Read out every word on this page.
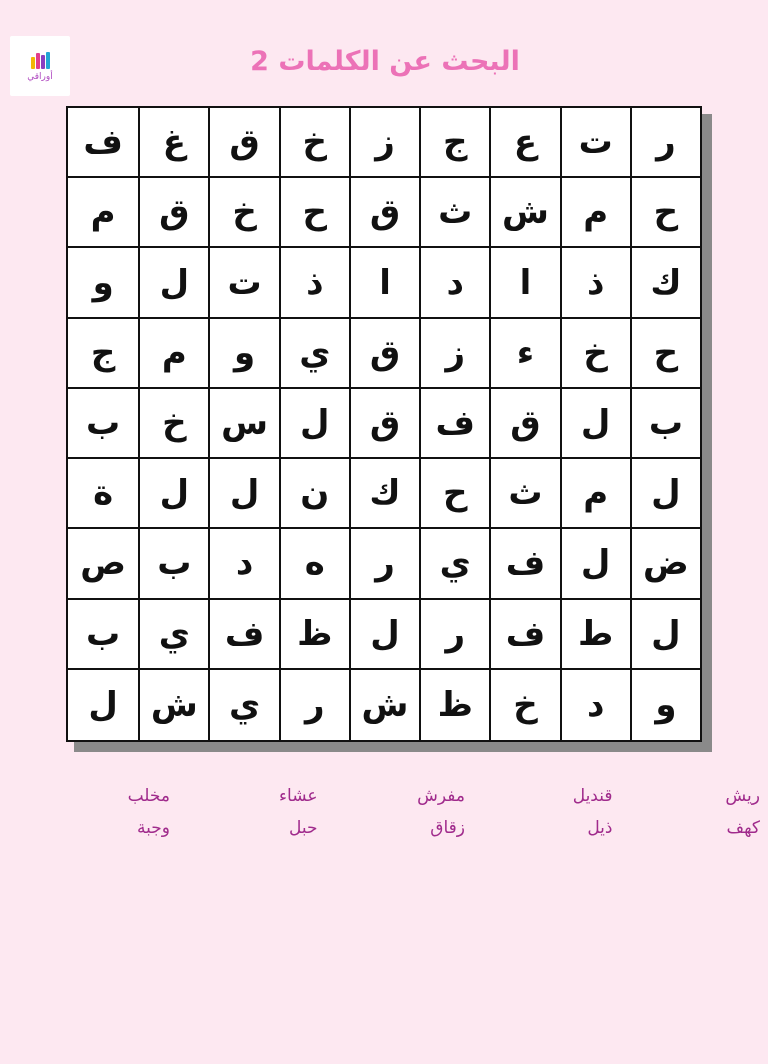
أوراقي	البحث عن الكلمات 2
ر
ت
ع
ج
ز
خ
ق
غ
ف
ح
م
ش
ث
ق
ح
خ
ق
م
ك
ذ
ا
د
ا
ذ
ت
ل
و
ح
خ
ء
ز
ق
ي
و
م
ج
ب
ل
ق
ف
ق
ل
س
خ
ب
ل
م
ث
ح
ك
ن
ل
ل
ة
ض
ل
ف
ي
ر
ه
د
ب
ص
ل
ط
ف
ر
ل
ظ
ف
ي
ب
و
د
خ
ظ
ش
ر
ي
ش
ل
ريش
قنديل
مفرش
عشاء
مخلب
كهف
ذيل
زقاق
حبل
وجبة
